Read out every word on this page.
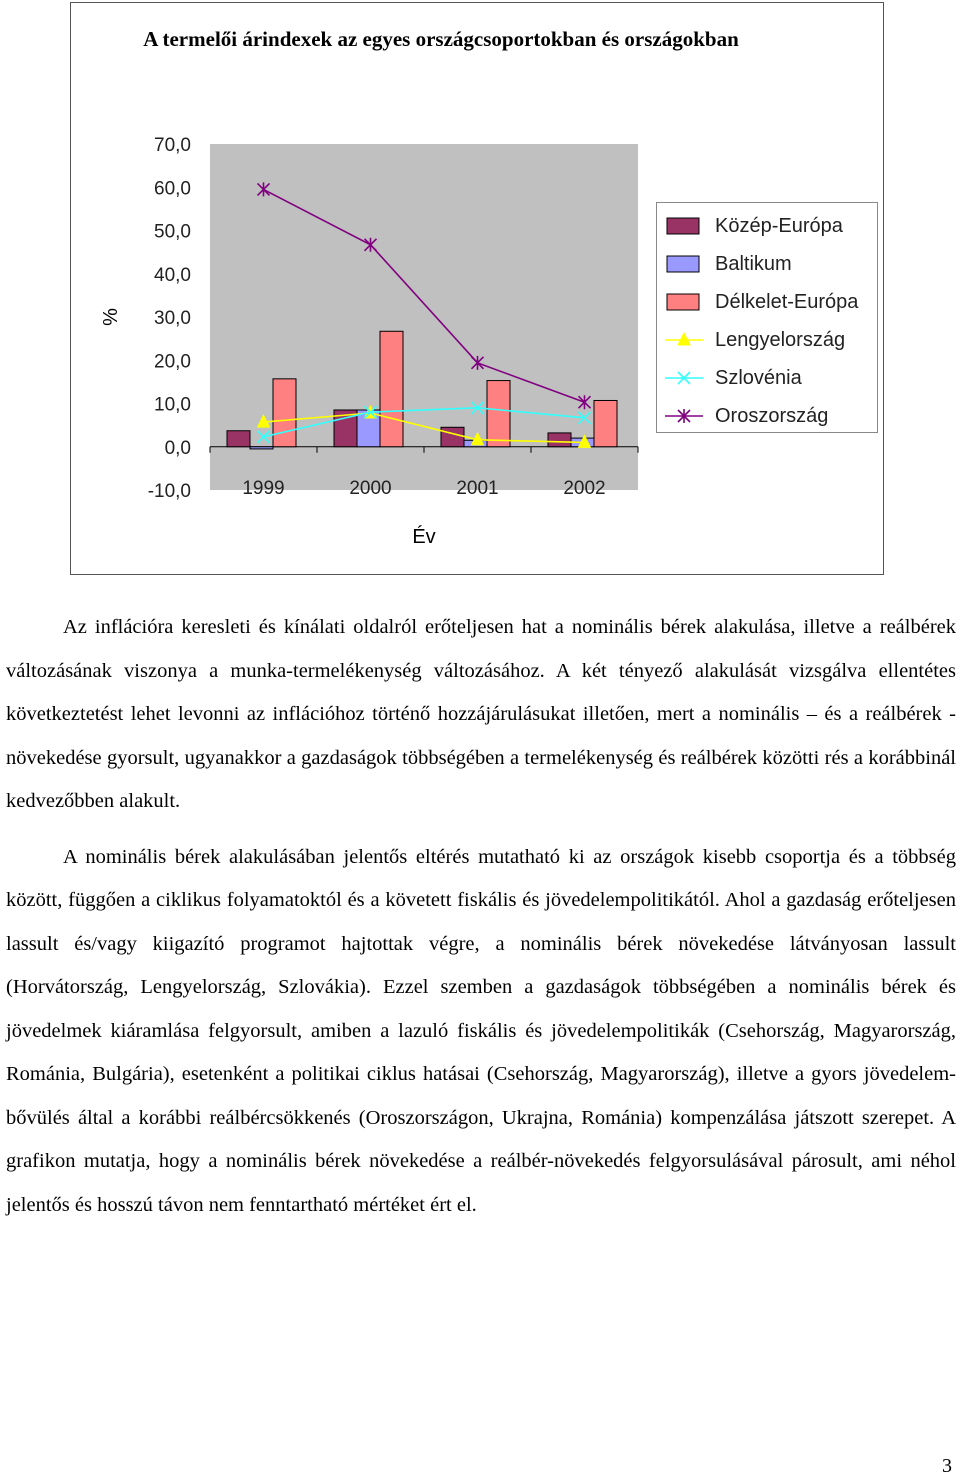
A termelői árindexek az egyes országcsoportokban és országokban
70,0
60,0
50,0
40,0
30,0
20,0
10,0
0,0
-10,0
%
1999	2000	2001	2002
Év
Közép-Európa
Baltikum
Délkelet-Európa
Lengyelország
Szlovénia
Oroszország

Az inflációra keresleti és kínálati oldalról erőteljesen hat a nominális bérek alakulása, illetve a reálbérek változásának viszonya a munka-termelékenység változásához. A két tényező alakulását vizsgálva ellentétes következtetést lehet levonni az inflációhoz történő hozzájárulásukat illetően, mert a nominális – és a reálbérek - növekedése gyorsult, ugyanakkor a gazdaságok többségében a termelékenység és reálbérek közötti rés a korábbinál kedvezőbben alakult.

A nominális bérek alakulásában jelentős eltérés mutatható ki az országok kisebb csoportja és a többség között, függően a ciklikus folyamatoktól és a követett fiskális és jövedelempolitikától. Ahol a gazdaság erőteljesen lassult és/vagy kiigazító programot hajtottak végre, a nominális bérek növekedése látványosan lassult (Horvátország, Lengyelország, Szlovákia). Ezzel szemben a gazdaságok többségében a nominális bérek és jövedelmek kiáramlása felgyorsult, amiben a lazuló fiskális és jövedelempolitikák (Csehország, Magyarország, Románia, Bulgária), esetenként a politikai ciklus hatásai (Csehország, Magyarország), illetve a gyors jövedelem-bővülés által a korábbi reálbércsökkenés (Oroszországon, Ukrajna, Románia) kompenzálása játszott szerepet. A grafikon mutatja, hogy a nominális bérek növekedése a reálbér-növekedés felgyorsulásával párosult, ami néhol jelentős és hosszú távon nem fenntartható mértéket ért el.

3
